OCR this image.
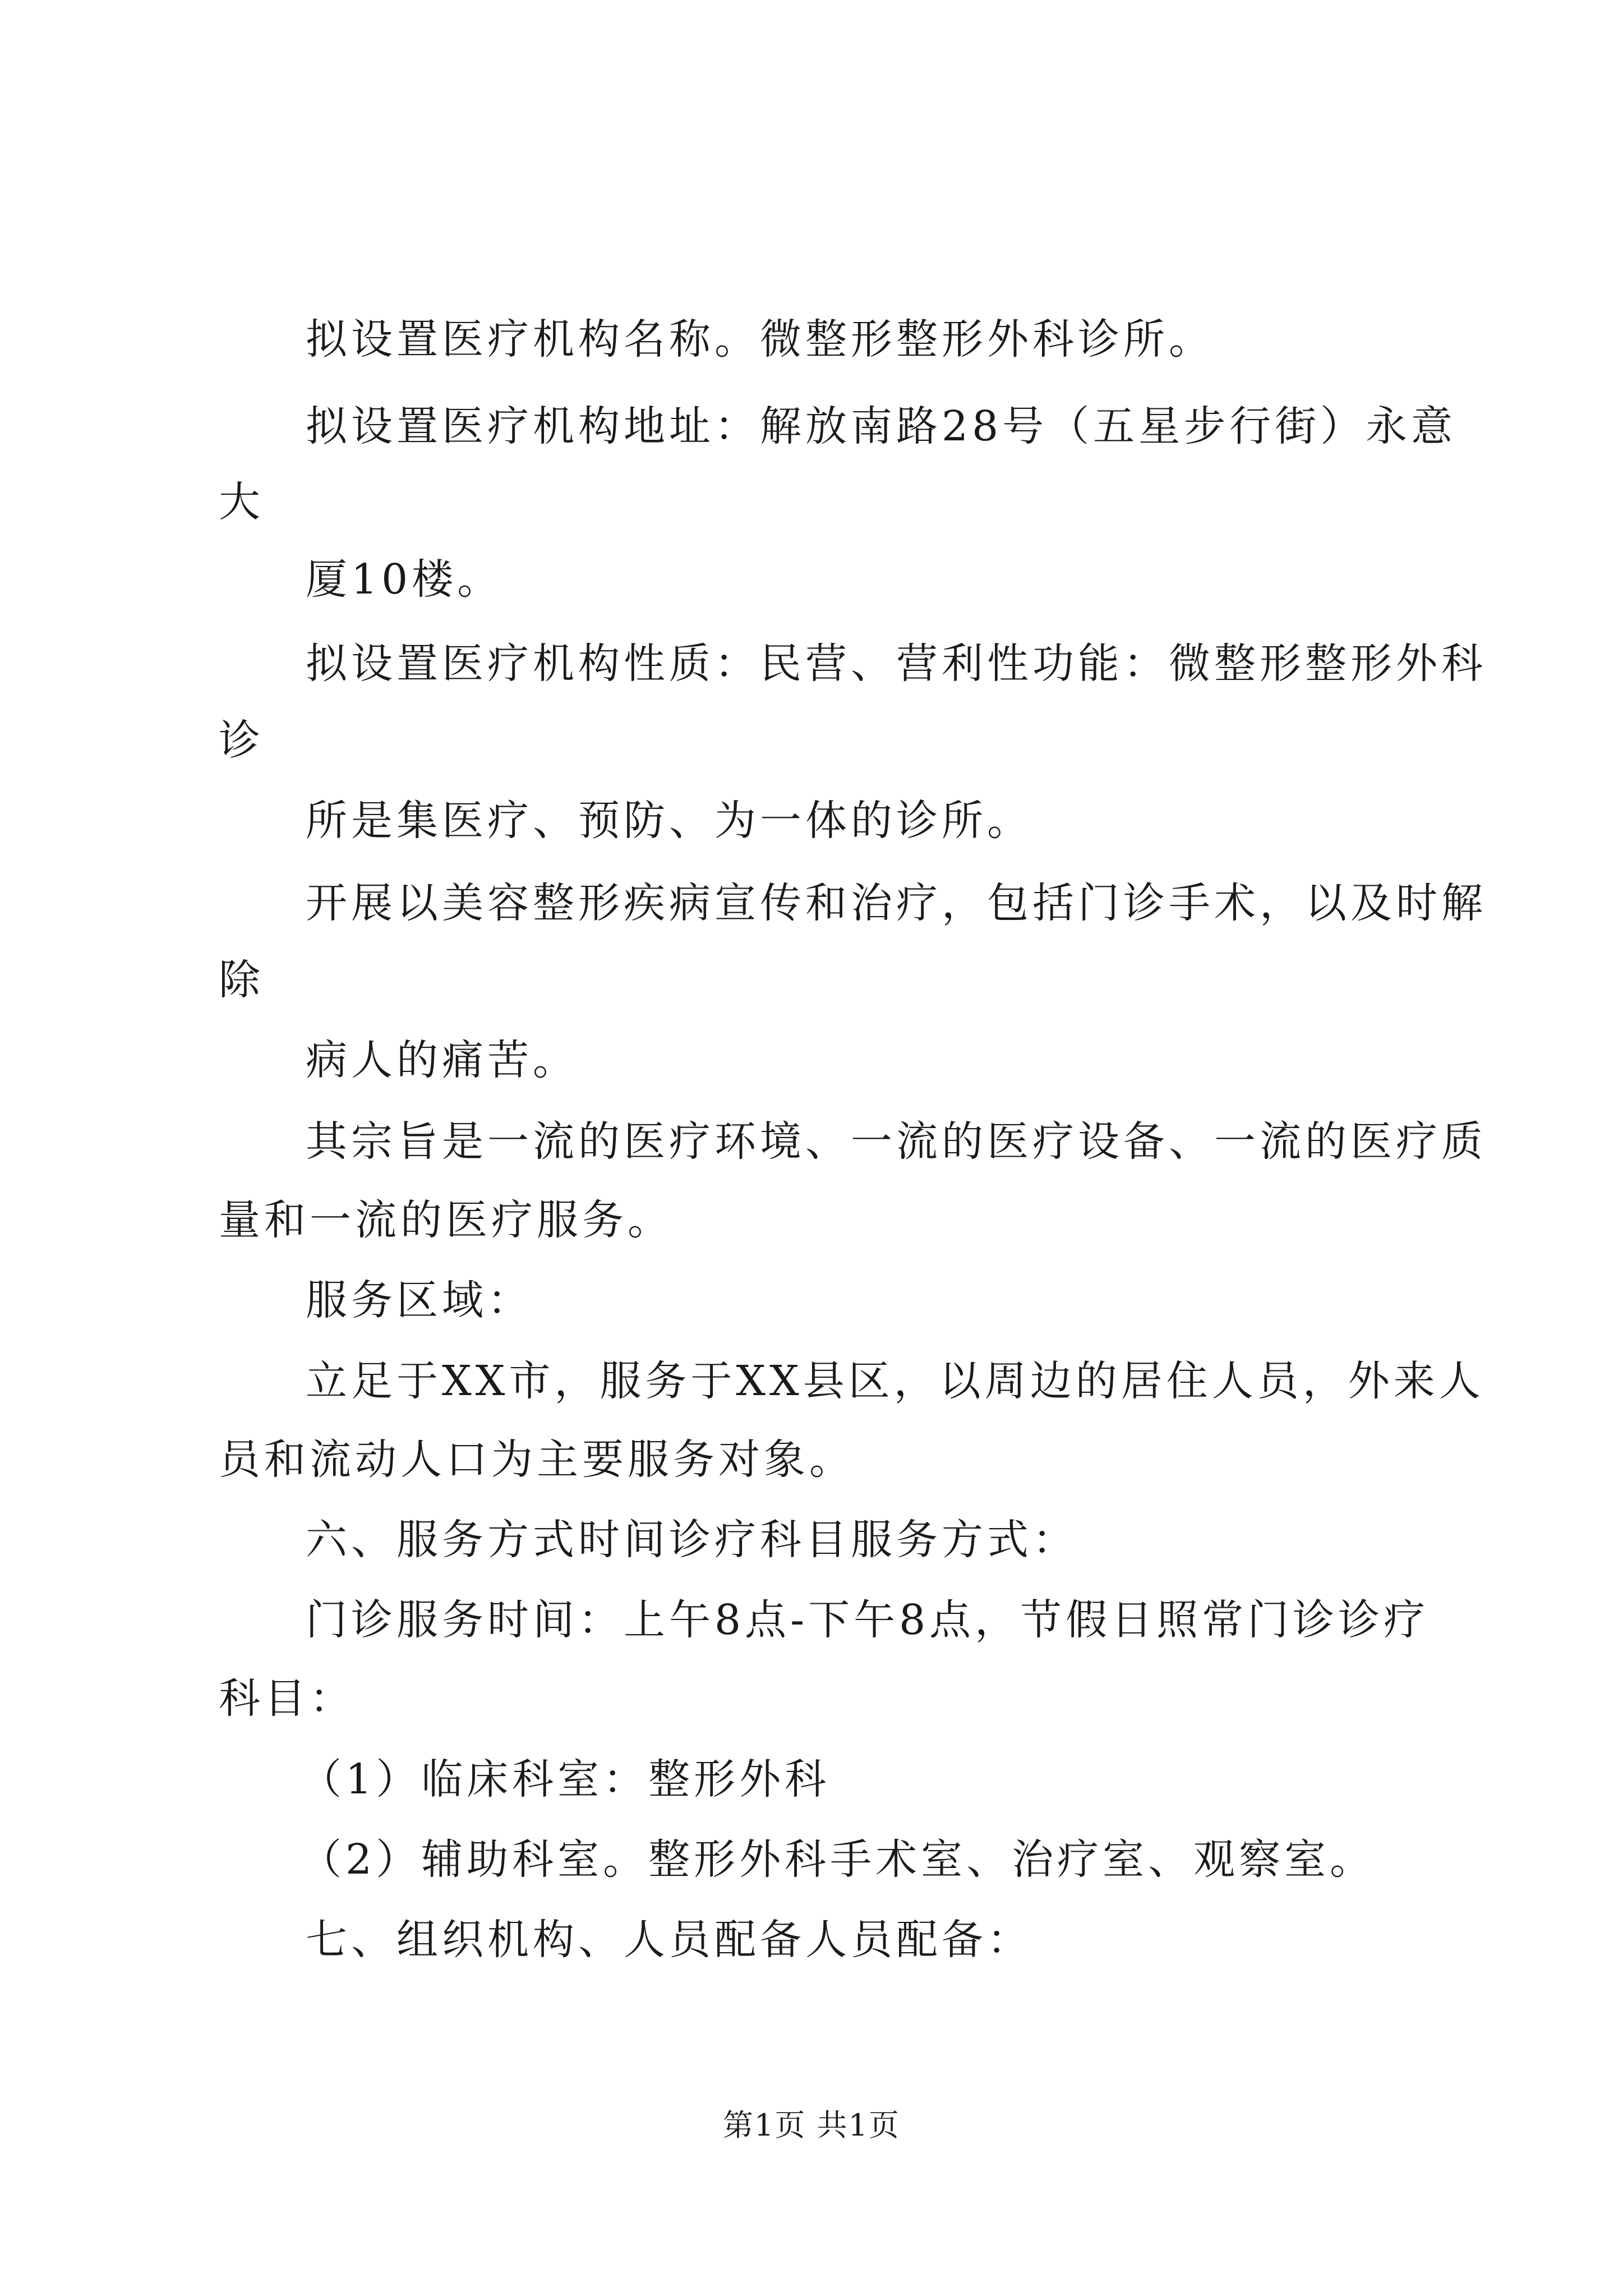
拟设置医疗机构名称。微整形整形外科诊所。
拟设置医疗机构地址：解放南路28号（五星步行街）永意
大
厦10楼。
拟设置医疗机构性质：民营、营利性功能：微整形整形外科
诊
所是集医疗、预防、为一体的诊所。
开展以美容整形疾病宣传和治疗，包括门诊手术，以及时解
除
病人的痛苦。
其宗旨是一流的医疗环境、一流的医疗设备、一流的医疗质
量和一流的医疗服务。
服务区域：
立足于XX市，服务于XX县区，以周边的居住人员，外来人
员和流动人口为主要服务对象。
六、服务方式时间诊疗科目服务方式：
门诊服务时间：上午8点-下午8点，节假日照常门诊诊疗
科目：
（1）临床科室：整形外科
（2）辅助科室。整形外科手术室、治疗室、观察室。
七、组织机构、人员配备人员配备：
第1页 共1页
